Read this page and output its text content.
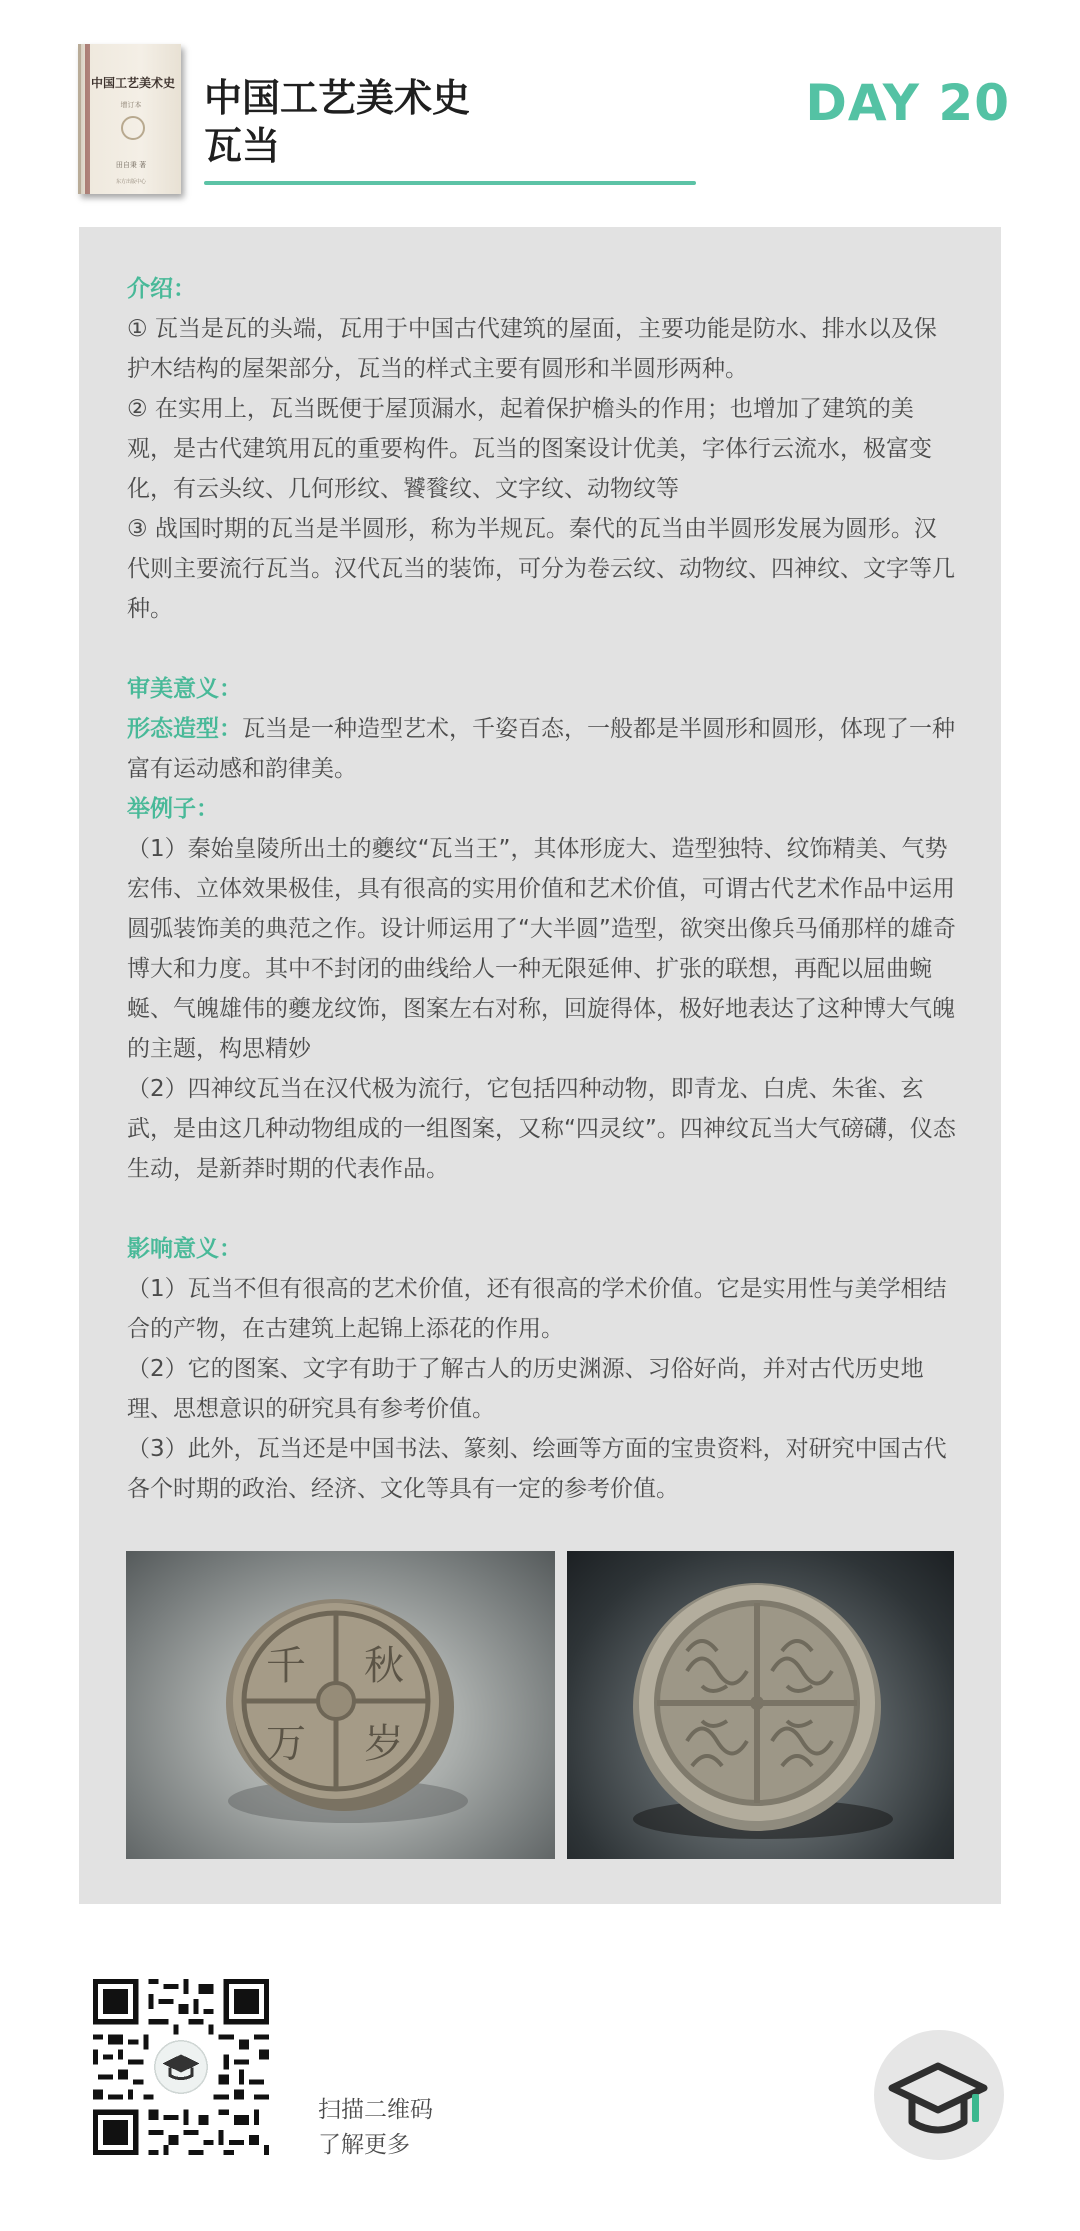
中国工艺美术史
增订本
田自秉 著
东方出版中心
中国工艺美术史
瓦当
DAY 20

介绍：

① 瓦当是瓦的头端，瓦用于中国古代建筑的屋面，主要功能是防水、排水以及保护木结构的屋架部分，瓦当的样式主要有圆形和半圆形两种。

② 在实用上，瓦当既便于屋顶漏水，起着保护檐头的作用；也增加了建筑的美观，是古代建筑用瓦的重要构件。瓦当的图案设计优美，字体行云流水，极富变化，有云头纹、几何形纹、饕餮纹、文字纹、动物纹等

③ 战国时期的瓦当是半圆形，称为半规瓦。秦代的瓦当由半圆形发展为圆形。汉代则主要流行瓦当。汉代瓦当的装饰，可分为卷云纹、动物纹、四神纹、文字等几种。

审美意义：

形态造型：瓦当是一种造型艺术，千姿百态，一般都是半圆形和圆形，体现了一种富有运动感和韵律美。

举例子：

（1）秦始皇陵所出土的夔纹“瓦当王”，其体形庞大、造型独特、纹饰精美、气势宏伟、立体效果极佳，具有很高的实用价值和艺术价值，可谓古代艺术作品中运用圆弧装饰美的典范之作。设计师运用了“大半圆”造型，欲突出像兵马俑那样的雄奇博大和力度。其中不封闭的曲线给人一种无限延伸、扩张的联想，再配以屈曲蜿蜒、气魄雄伟的夔龙纹饰，图案左右对称，回旋得体，极好地表达了这种博大气魄的主题，构思精妙

（2）四神纹瓦当在汉代极为流行，它包括四种动物，即青龙、白虎、朱雀、玄武，是由这几种动物组成的一组图案，又称“四灵纹”。四神纹瓦当大气磅礴，仪态生动，是新莽时期的代表作品。

影响意义：

（1）瓦当不但有很高的艺术价值，还有很高的学术价值。它是实用性与美学相结合的产物，在古建筑上起锦上添花的作用。

（2）它的图案、文字有助于了解古人的历史渊源、习俗好尚，并对古代历史地理、思想意识的研究具有参考价值。

（3）此外，瓦当还是中国书法、篆刻、绘画等方面的宝贵资料，对研究中国古代各个时期的政治、经济、文化等具有一定的参考价值。

千 秋
万 岁
扫描二维码
了解更多
